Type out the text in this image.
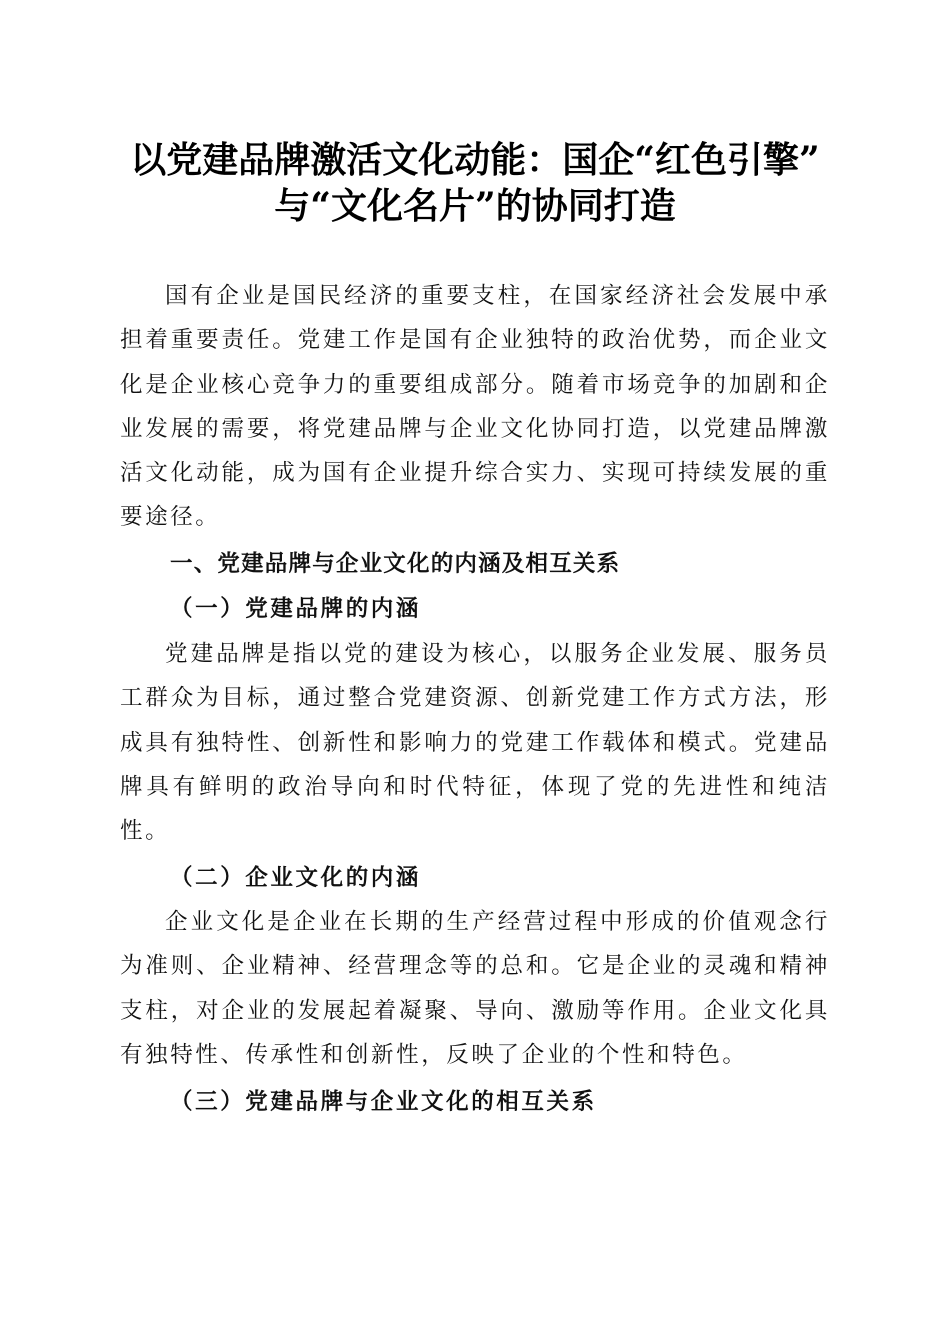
以党建品牌激活文化动能：国企“红色引擎”
与“文化名片”的协同打造

国有企业是国民经济的重要支柱，在国家经济社会发展中承担着重要责任。党建工作是国有企业独特的政治优势，而企业文化是企业核心竞争力的重要组成部分。随着市场竞争的加剧和企业发展的需要，将党建品牌与企业文化协同打造，以党建品牌激活文化动能，成为国有企业提升综合实力、实现可持续发展的重要途径。

一、党建品牌与企业文化的内涵及相互关系
（一）党建品牌的内涵

党建品牌是指以党的建设为核心，以服务企业发展、服务员工群众为目标，通过整合党建资源、创新党建工作方式方法，形成具有独特性、创新性和影响力的党建工作载体和模式。党建品牌具有鲜明的政治导向和时代特征，体现了党的先进性和纯洁性。

（二）企业文化的内涵

企业文化是企业在长期的生产经营过程中形成的价值观念行为准则、企业精神、经营理念等的总和。它是企业的灵魂和精神支柱，对企业的发展起着凝聚、导向、激励等作用。企业文化具有独特性、传承性和创新性，反映了企业的个性和特色。

（三）党建品牌与企业文化的相互关系
